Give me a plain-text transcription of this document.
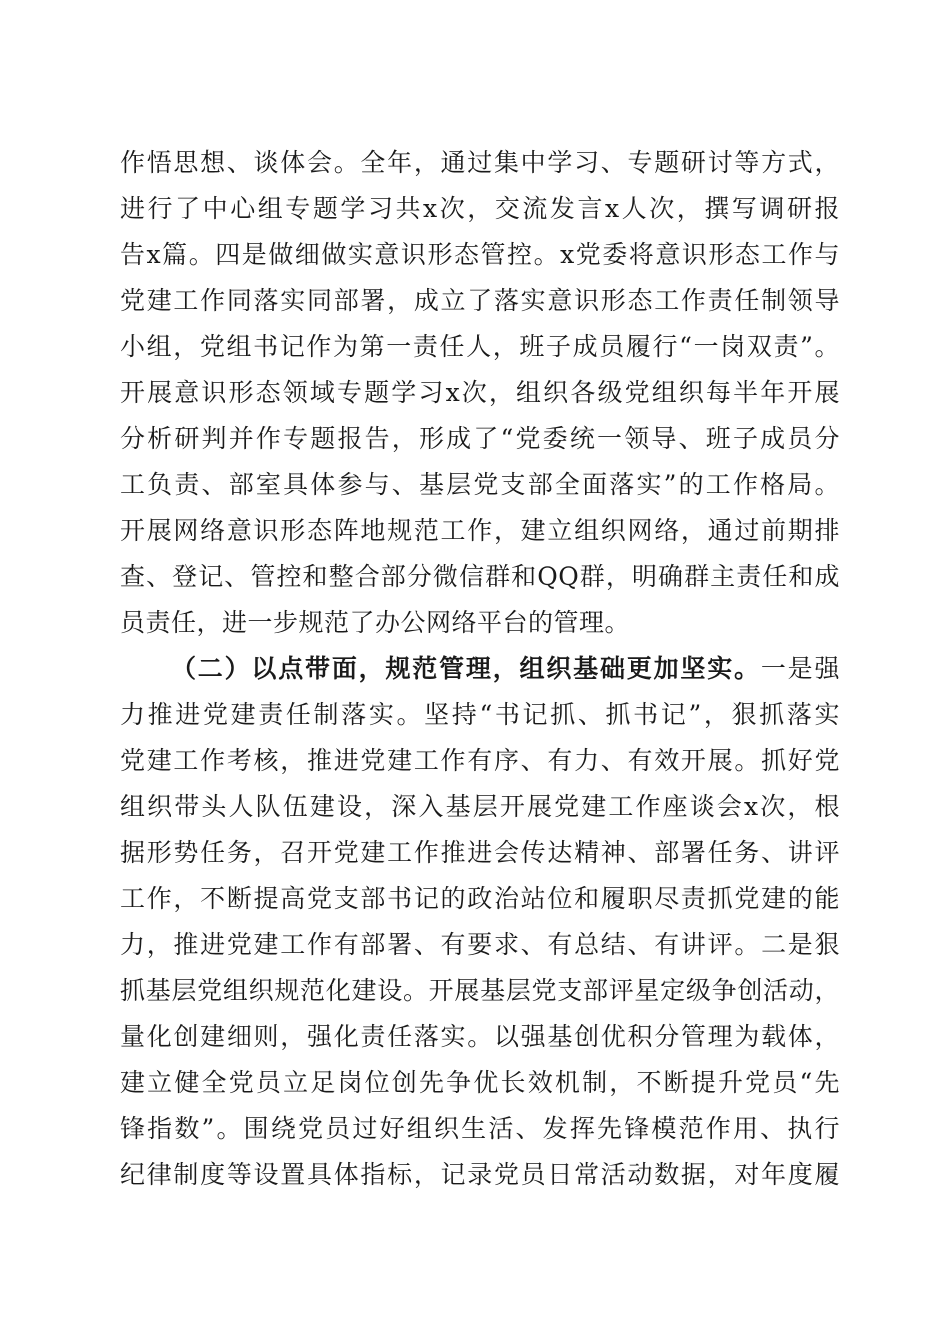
作悟思想、谈体会。全年，通过集中学习、专题研讨等方式，
进行了中心组专题学习共x次，交流发言x人次，撰写调研报
告x篇。四是做细做实意识形态管控。x党委将意识形态工作与
党建工作同落实同部署，成立了落实意识形态工作责任制领导
小组，党组书记作为第一责任人，班子成员履行“一岗双责”。
开展意识形态领域专题学习x次，组织各级党组织每半年开展
分析研判并作专题报告，形成了“党委统一领导、班子成员分
工负责、部室具体参与、基层党支部全面落实”的工作格局。
开展网络意识形态阵地规范工作，建立组织网络，通过前期排
查、登记、管控和整合部分微信群和QQ群，明确群主责任和成
员责任，进一步规范了办公网络平台的管理。
（二）以点带面，规范管理，组织基础更加坚实。一是强
力推进党建责任制落实。坚持“书记抓、抓书记”，狠抓落实
党建工作考核，推进党建工作有序、有力、有效开展。抓好党
组织带头人队伍建设，深入基层开展党建工作座谈会x次，根
据形势任务，召开党建工作推进会传达精神、部署任务、讲评
工作，不断提高党支部书记的政治站位和履职尽责抓党建的能
力，推进党建工作有部署、有要求、有总结、有讲评。二是狠
抓基层党组织规范化建设。开展基层党支部评星定级争创活动，
量化创建细则，强化责任落实。以强基创优积分管理为载体，
建立健全党员立足岗位创先争优长效机制，不断提升党员“先
锋指数”。围绕党员过好组织生活、发挥先锋模范作用、执行
纪律制度等设置具体指标，记录党员日常活动数据，对年度履
